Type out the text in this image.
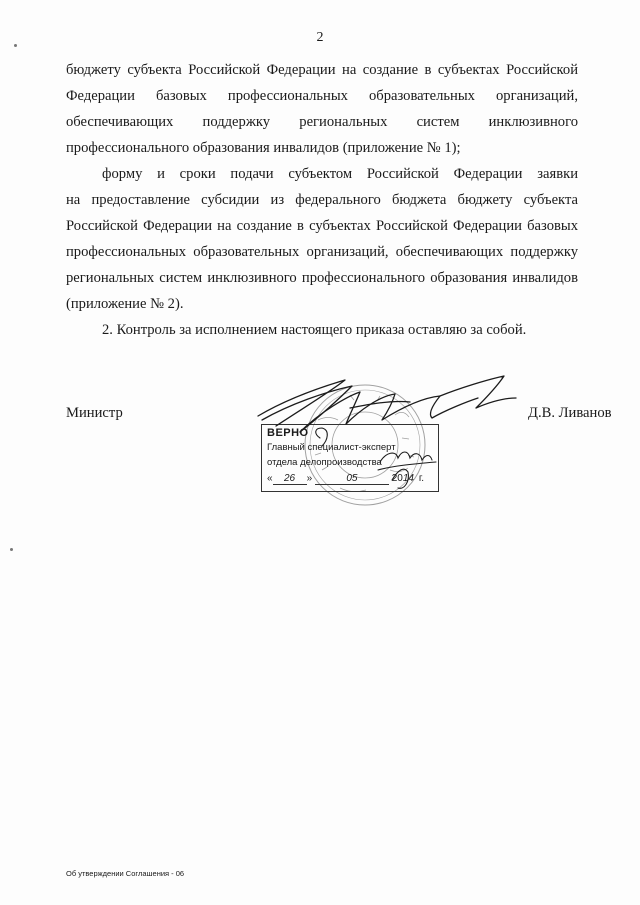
2
бюджету субъекта Российской Федерации на создание в субъектах Российской
Федерации базовых профессиональных образовательных организаций,
обеспечивающих поддержку региональных систем инклюзивного
профессионального образования инвалидов (приложение № 1);
форму и сроки подачи субъектом Российской Федерации заявки
на предоставление субсидии из федерального бюджета бюджету субъекта
Российской Федерации на создание в субъектах Российской Федерации базовых
профессиональных образовательных организаций, обеспечивающих поддержку
региональных систем инклюзивного профессионального образования инвалидов
(приложение № 2).
2. Контроль за исполнением настоящего приказа оставляю за собой.
Министр	Д.В. Ливанов
ВЕРНО
Главный специалист-эксперт
отдела делопроизводства
« 26 »	05	2014 г.
Об утверждении Соглашения - 06
